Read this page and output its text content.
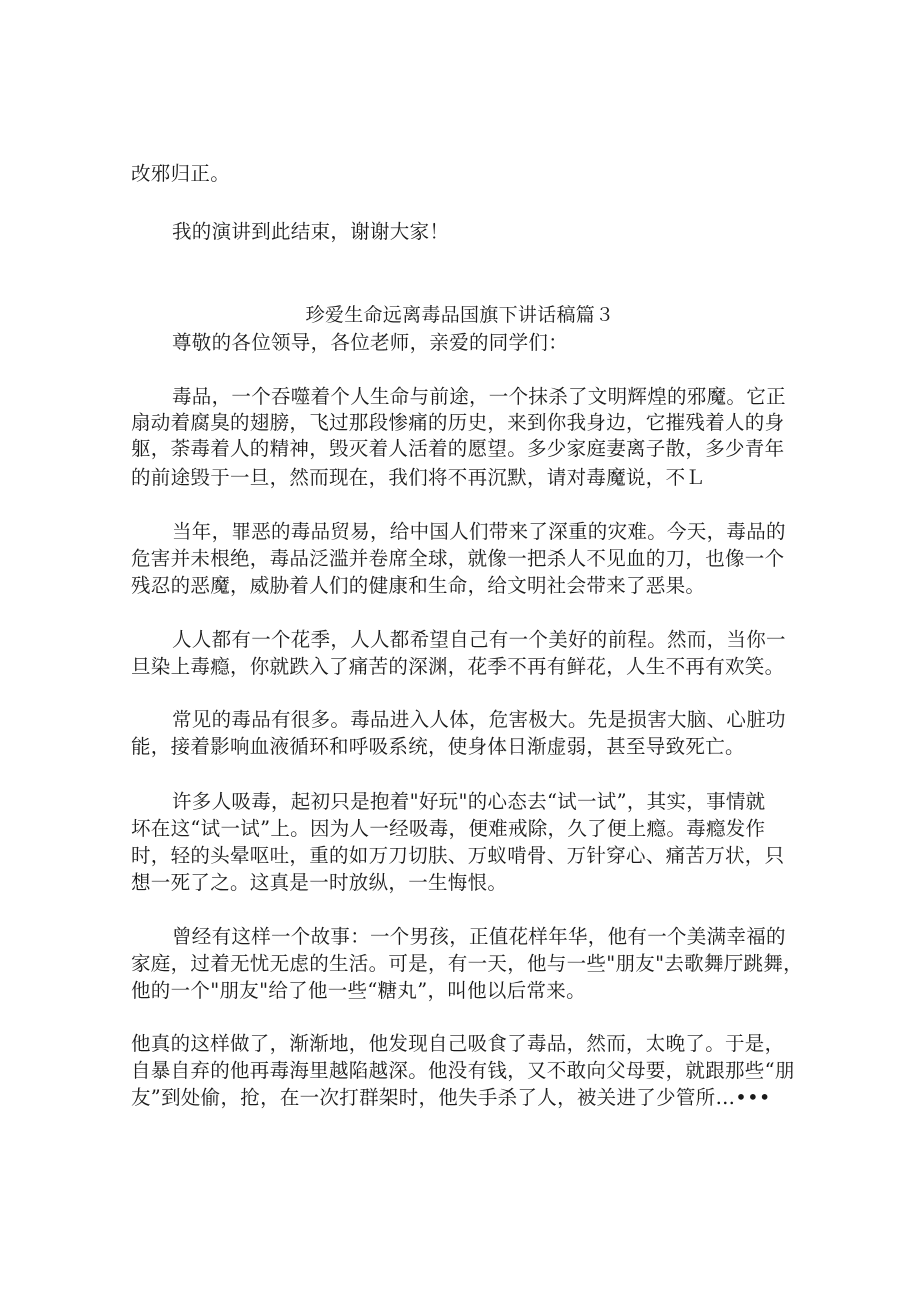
改邪归正。
我的演讲到此结束，谢谢大家！
珍爱生命远离毒品国旗下讲话稿篇３
尊敬的各位领导，各位老师，亲爱的同学们：
毒品，一个吞噬着个人生命与前途，一个抹杀了文明辉煌的邪魔。它正
扇动着腐臭的翅膀，飞过那段惨痛的历史，来到你我身边，它摧残着人的身
躯，荼毒着人的精神，毁灭着人活着的愿望。多少家庭妻离子散，多少青年
的前途毁于一旦，然而现在，我们将不再沉默，请对毒魔说，不Ｌ
当年，罪恶的毒品贸易，给中国人们带来了深重的灾难。今天，毒品的
危害并未根绝，毒品泛滥并卷席全球，就像一把杀人不见血的刀，也像一个
残忍的恶魔，威胁着人们的健康和生命，给文明社会带来了恶果。
人人都有一个花季，人人都希望自己有一个美好的前程。然而，当你一
旦染上毒瘾，你就跌入了痛苦的深渊，花季不再有鲜花，人生不再有欢笑。
常见的毒品有很多。毒品进入人体，危害极大。先是损害大脑、心脏功
能，接着影响血液循环和呼吸系统，使身体日渐虚弱，甚至导致死亡。
许多人吸毒，起初只是抱着"好玩"的心态去“试一试”，其实，事情就
坏在这“试一试”上。因为人一经吸毒，便难戒除，久了便上瘾。毒瘾发作
时，轻的头晕呕吐，重的如万刀切肤、万蚁啃骨、万针穿心、痛苦万状，只
想一死了之。这真是一时放纵，一生悔恨。
曾经有这样一个故事：一个男孩，正值花样年华，他有一个美满幸福的
家庭，过着无忧无虑的生活。可是，有一天，他与一些"朋友"去歌舞厅跳舞，
他的一个"朋友"给了他一些“糖丸”，叫他以后常来。
他真的这样做了，渐渐地，他发现自己吸食了毒品，然而，太晚了。于是，
自暴自弃的他再毒海里越陷越深。他没有钱，又不敢向父母要，就跟那些“朋
友”到处偷，抢，在一次打群架时，他失手杀了人，被关进了少管所…•••
